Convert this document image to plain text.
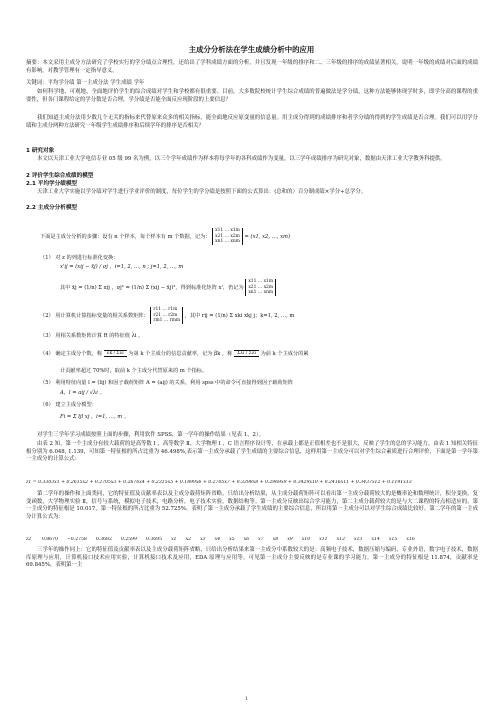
主成分分析法在学生成绩分析中的应用
摘要：本文采用主成分方法研究了学校实行的学分绩点合理性，还给出了学科成绩方面的分析，并且发现一年级的排序和二、三年级的排序的成绩显著相关。说明一年级的成绩对后面的成绩有影响，对教学管理有一定指导意义。
关键词：平均学分绩 第一主成分法 学生成绩 学年
如何科学地、可观地、全面地评价学生的综合成绩对学生和学校都有很重要。目前，大多数院校统计学生综合成绩的普遍做法是学分绩，这种方法能够体现学时多，即学分高的课程的重要性，但各门课程给定的学分数是否合理，学分绩是否能全面反应现阶段的上要信息？
我们知道主成分法用少数几个无关的指标来代替原来众多的相关指标，能全面地反应原变量的信息量。用主成分得到的成绩排序和者学分绩的得到的学生成绩是否合理。我们可以用学分绩和主成分两种方法研究一年级学生成绩排序和后续学年的排序是否相关？
1 研究对象
本文以天津工业大学电信专业 05 级 99 名为例，以三个学年成绩作为样本将每学年的各科成绩作为变量，以三学年成绩排序为研究对象，数据由天津工业大学教务科提供。
2 评价学生综合成绩的模型
2.1 平均学分绩模型
天津工业大学实施以学分绩对学生进行学业评价的制度，每位学生的学分绩是按照下面的公式算出：(总和的）百分制成绩×学分÷总学分。
2.2 主成分分析模型
下面是主成分分析的步骤：设有 n 个样本，每个样本有 m 个数据，记为： x11 … x1m
x21 … x2m
xn1 … xnm = (x1, x2, …, xm)
（1） 对 z 的列进行标准化变换：
x'ij = (xij − x̄j) / σj ，i=1, 2, …, n ; j=1, 2, …, m
其中 x̄j = (1/n) Σ xij ，σj² = (1/n) Σ (xij − x̄j)²，得到标准化矩阵 x'，仍记为 x11 … x1m
x21 … x2m
xn1 … xnm
（2） 用计算机计算指标变量的相关系数矩阵： r11 … r1m
r21 … r2m
rm1 … rmm ，其中 rij = (1/n) Σ xki xkj j；k=1, 2, …, m
（3） 用相关系数矩阵计算 R 的特征值 λi 。
（4） 确定主成分个数，称 λk / Σλi 为第 k 个主成分的信息贡献率，记为 βk ，称 Σλi / Σλi 为前 k 个主成分的累
计贡献率超过 70%时，取前 k 个主成分代替原来的 m 个指标。
（5） 利用特征向量 l = (lij) 和因子载荷矩阵 A = (aij) 的关系，利用 spss 中的命令可直接得到因子载荷矩阵
A，l = aij / √λi 。
（6） 建立主成分模型：
Fi = Σ ljl xj ，i=1, …, m 。
对学生三学年学习成绩按照上面的步骤，利用软件 SPSS，第一学年的操作结果（见表 1、2）。
由表 2 知，第一个主成分有较大载荷的是高等数 Ⅰ 、高等数学 Ⅱ、大学物理 Ⅰ 、C 语言程序设计等，在承载上都是正值相差也不是很大，反映了学生的总的学习能力，由表 1 知相关特征根分别为 6.048, 1.139，可知第一特征根的所占比重为 46.498%,表示第一主成分承载了学生成绩的主要综合信息，这样用第一主成分可以对学生综合素质进行合理评价，下面是第一学年第一主成分的计算公式：
z1 = 0.3303x1 + 0.2615x2 + 0.2705x3 + 0.2676x4 + 0.2315x5 + 0.1899x6 + 0.2705x7 + 0.3398x8 + 0.2969x9 + 0.3429x10 + 0.2416x11 + 0.3437x12 + 0.1191x13
第二学年的操作和上面类同，它的特征值及贡献率表以及主成分载荷矩阵省略，只给出分析结果，从主成分载荷矩阵可以看出第一主成分载荷较大的是概率论和数理统计，积分变换，复变函数，大学物理实验 Ⅱ，信号与系统，模拟电子技术，电路分析，电子技术实验，数据结构等。第一主成分反映出综合学习能力，第二主成分载荷较大的是与大二课程的特点相适应的。第一主成分的特征根是 10.017，第一特征根的所占比重为 52.725%。表明了第一主成分承载了学生成绩的主要综合信息，所以用第一主成分可以对学生综合成绩比较好。第二学年的第一主成分计算公式为：
z2 0.8670 −0.2758 0.3682 0.2599 0.3695 x1 x2 x3 x4 x5 x6 x7 x8 x9 x10 x11 x12 x13 x14 x15 x16
三学年的操作同上：它的特征值及贡献率表以及主成分载荷矩阵省略，只给出分析结果来第一主成分中系数较大的是：高频电子技术，数据压缩与编码，专业外语，数字电子技术，数据库原理与应用，计算机接口技术应用实验，计算机接口技术及应用，EDA 原理与应用等。可见第一主成分主要反映的是专业课的学习能力。第一主成分的特征根是 11.874，贡献率是 69.845%，表明第一主
1
